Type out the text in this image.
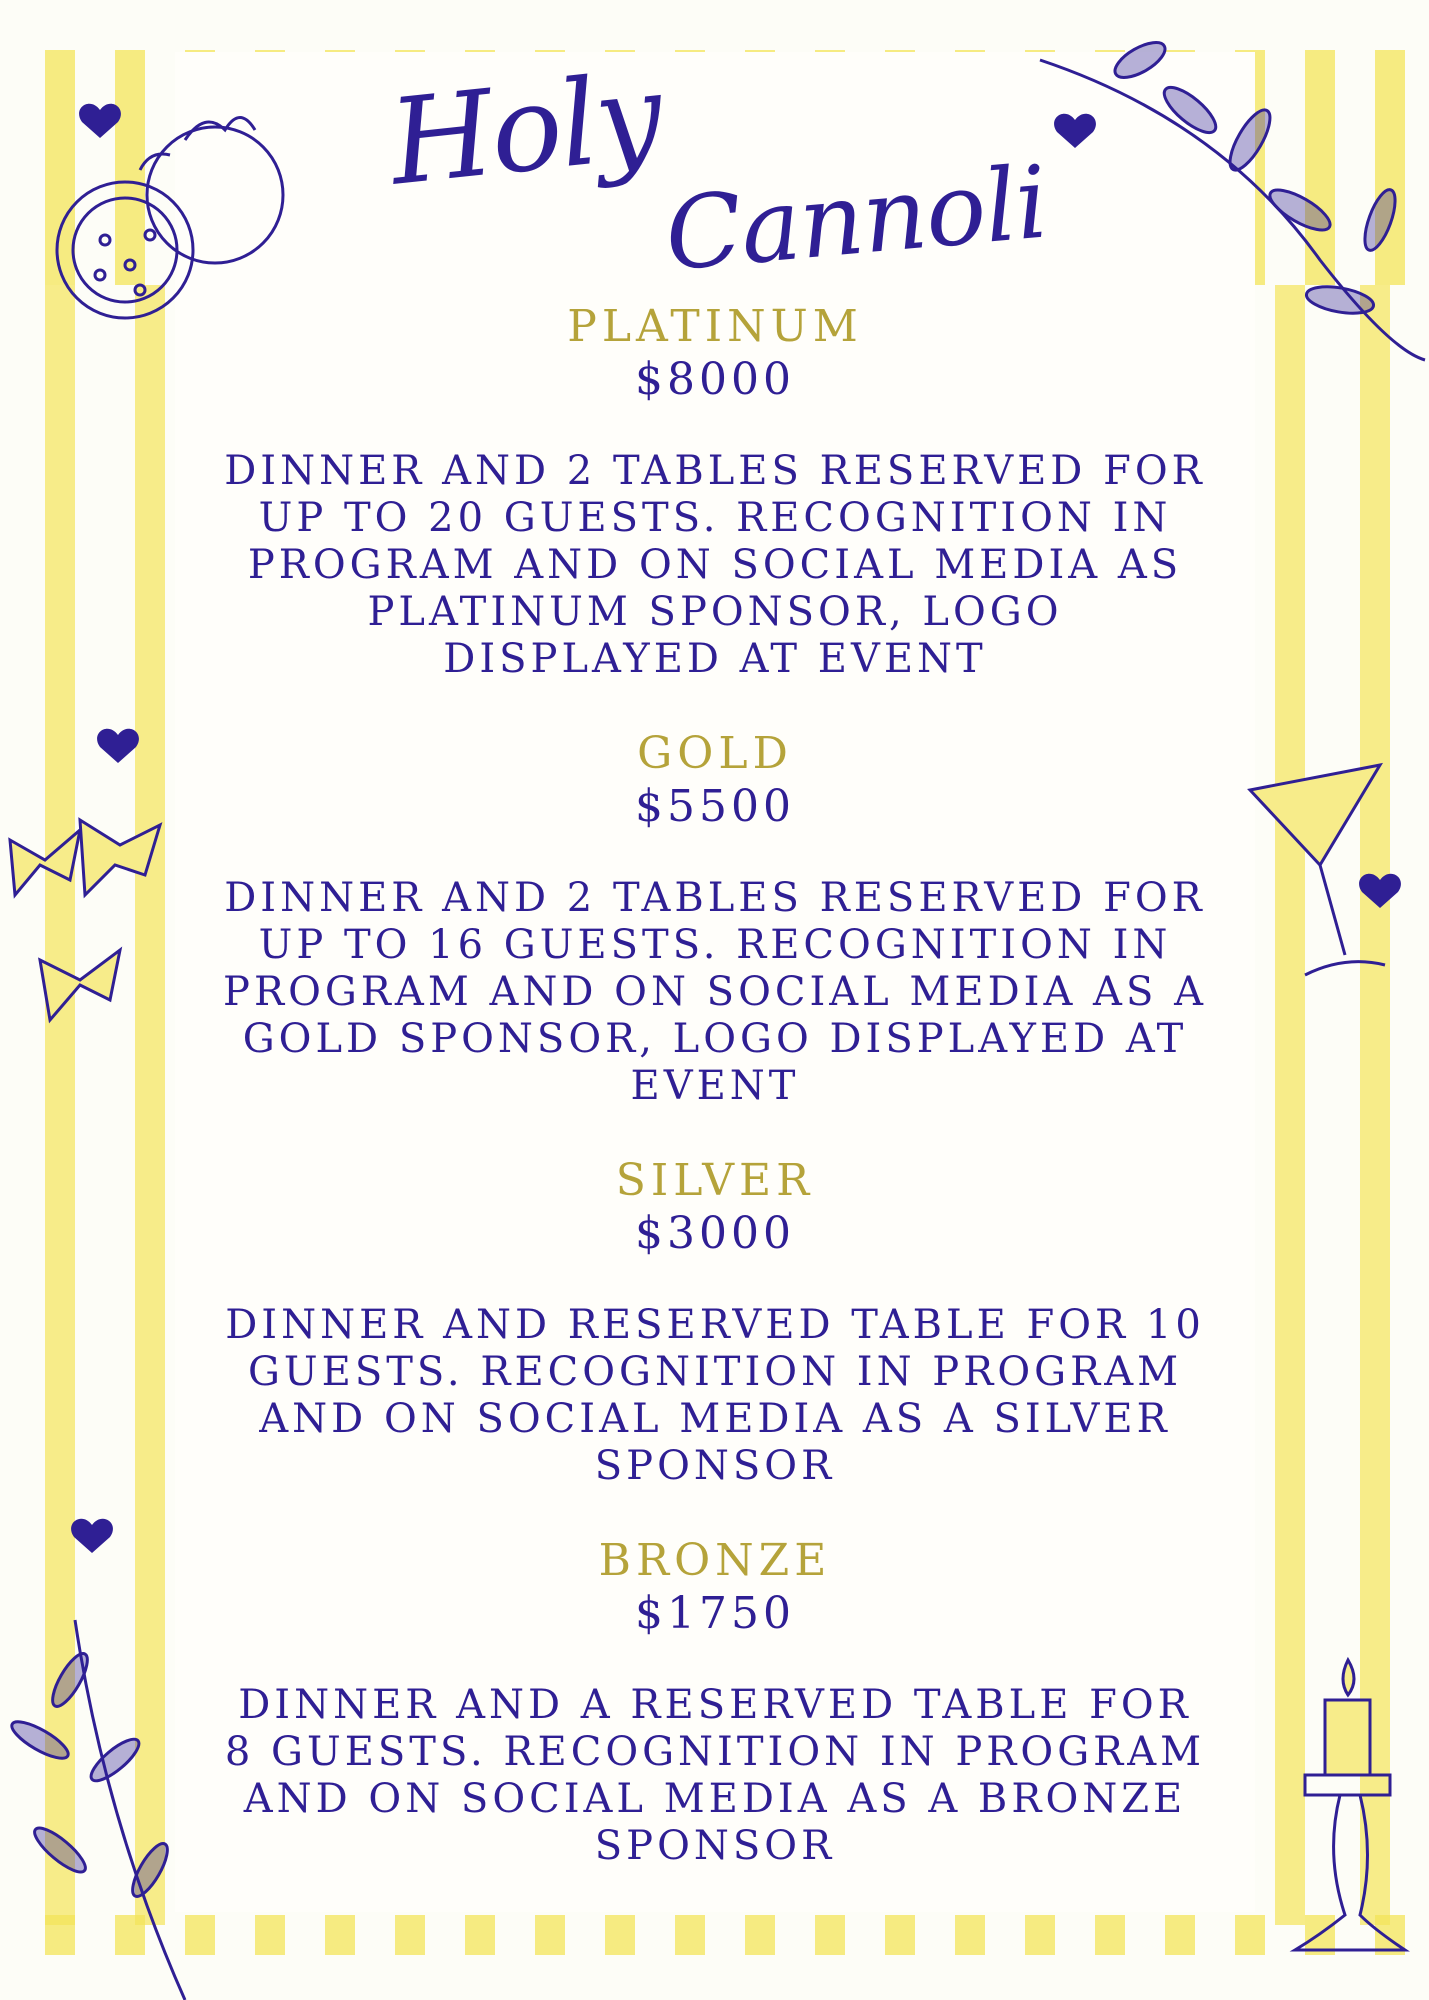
Holy
Cannoli
PLATINUM
$8000
DINNER AND 2 TABLES RESERVED FOR UP TO 20 GUESTS. RECOGNITION IN PROGRAM AND ON SOCIAL MEDIA AS PLATINUM SPONSOR, LOGO DISPLAYED AT EVENT
GOLD
$5500
DINNER AND 2 TABLES RESERVED FOR UP TO 16 GUESTS. RECOGNITION IN PROGRAM AND ON SOCIAL MEDIA AS A GOLD SPONSOR, LOGO DISPLAYED AT EVENT
SILVER
$3000
DINNER AND RESERVED TABLE FOR 10 GUESTS. RECOGNITION IN PROGRAM AND ON SOCIAL MEDIA AS A SILVER SPONSOR
BRONZE
$1750
DINNER AND A RESERVED TABLE FOR 8 GUESTS. RECOGNITION IN PROGRAM AND ON SOCIAL MEDIA AS A BRONZE SPONSOR
